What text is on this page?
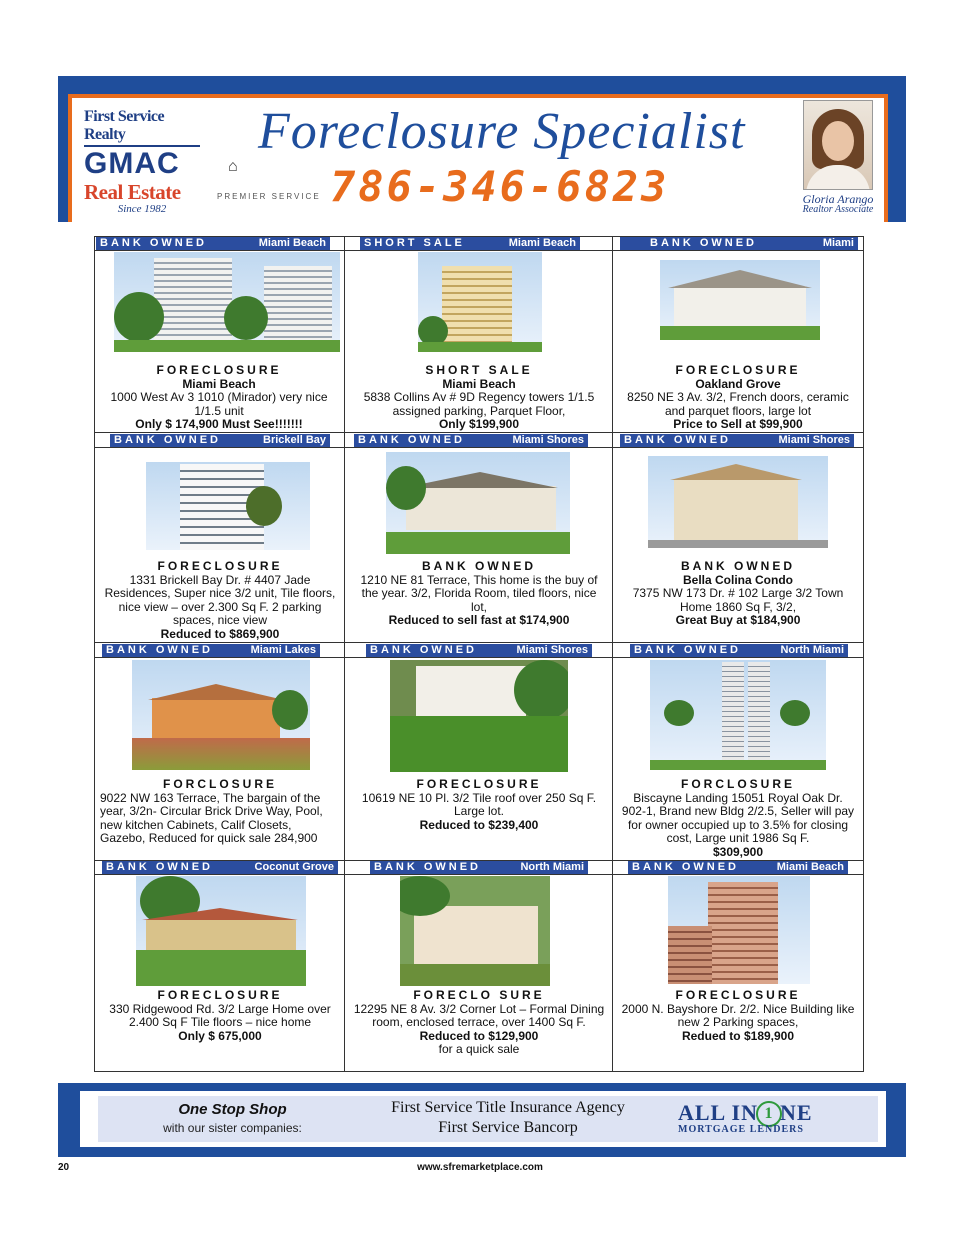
First Service Realty
GMAC
Real Estate
Since 1982
⌂
PREMIER SERVICE
Foreclosure Specialist
786-346-6823	Gloria Arango
Realtor Associate
BANK OWNED	Miami Beach	SHORT SALE	Miami Beach	BANK OWNED	Miami
FORECLOSURE
Miami Beach
1000 West Av 3 1010 (Mirador) very nice 1/1.5 unit
Only $ 174,900 Must See!!!!!!!
SHORT SALE
Miami Beach
5838 Collins Av # 9D Regency towers 1/1.5 assigned parking, Parquet Floor,
Only $199,900
FORECLOSURE
Oakland Grove
8250 NE 3 Av. 3/2, French doors, ceramic and parquet floors, large lot
Price to Sell at $99,900
BANK OWNED	Brickell Bay	BANK OWNED	Miami Shores	BANK OWNED	Miami Shores
FORECLOSURE
1331 Brickell Bay Dr. # 4407 Jade Residences, Super nice 3/2 unit, Tile floors, nice view – over 2.300 Sq F. 2 parking spaces, nice view
Reduced to $869,900
BANK OWNED
1210 NE 81 Terrace, This home is the buy of the year. 3/2, Florida Room, tiled floors, nice lot,
Reduced to sell fast at $174,900
BANK OWNED
Bella Colina Condo
7375 NW 173 Dr. # 102 Large 3/2 Town Home 1860 Sq F, 3/2,
Great Buy at $184,900
BANK OWNED	Miami Lakes	BANK OWNED	Miami Shores	BANK OWNED	North Miami
FORCLOSURE
9022 NW 163 Terrace, The bargain of the year, 3/2n- Circular Brick Drive Way, Pool, new kitchen Cabinets, Calif Closets, Gazebo, Reduced for quick sale 284,900
FORECLOSURE
10619 NE 10 Pl. 3/2 Tile roof over 250 Sq F. Large lot.
Reduced to $239,400
FORCLOSURE
Biscayne Landing 15051 Royal Oak Dr. 902-1, Brand new Bldg 2/2.5, Seller will pay for owner occupied up to 3.5% for closing cost, Large unit 1986 Sq F.
$309,900
BANK OWNED	Coconut Grove	BANK OWNED	North Miami	BANK OWNED	Miami Beach
FORECLOSURE
330 Ridgewood Rd. 3/2 Large Home over 2.400 Sq F Tile floors – nice home
Only $ 675,000
FORECLO SURE
12295 NE 8 Av. 3/2 Corner Lot – Formal Dining room, enclosed terrace, over 1400 Sq F.
Reduced to $129,900
for a quick sale
FORECLOSURE
2000 N. Bayshore Dr. 2/2. Nice Building like new 2 Parking spaces,
Redued to $189,900
One Stop Shop
with our sister companies:
First Service Title Insurance Agency
First Service Bancorp
ALL IN 1 NE
MORTGAGE LENDERS
20	www.sfremarketplace.com
